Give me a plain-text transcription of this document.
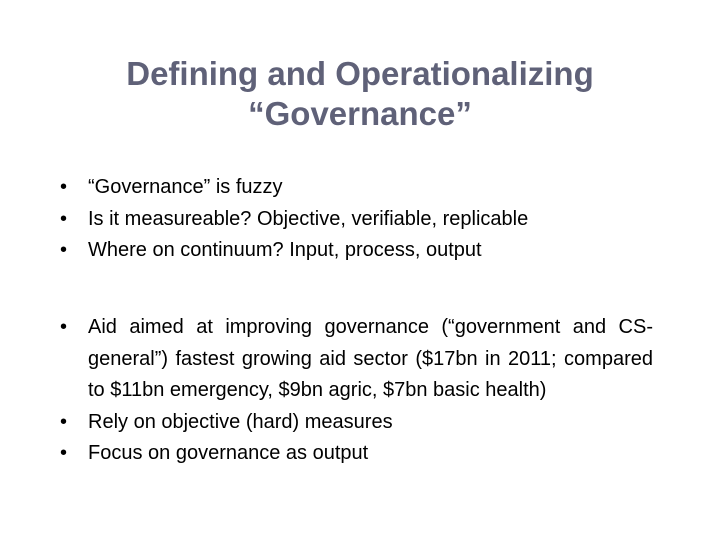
Defining and Operationalizing
“Governance”
•	“Governance” is fuzzy
•	Is it measureable? Objective, verifiable, replicable
•	Where on continuum? Input, process, output
•	Aid aimed at improving governance (“government and CS-general”) fastest growing aid sector ($17bn in 2011; compared to $11bn emergency, $9bn agric, $7bn basic health)
•	Rely on objective (hard) measures
•	Focus on governance as output
